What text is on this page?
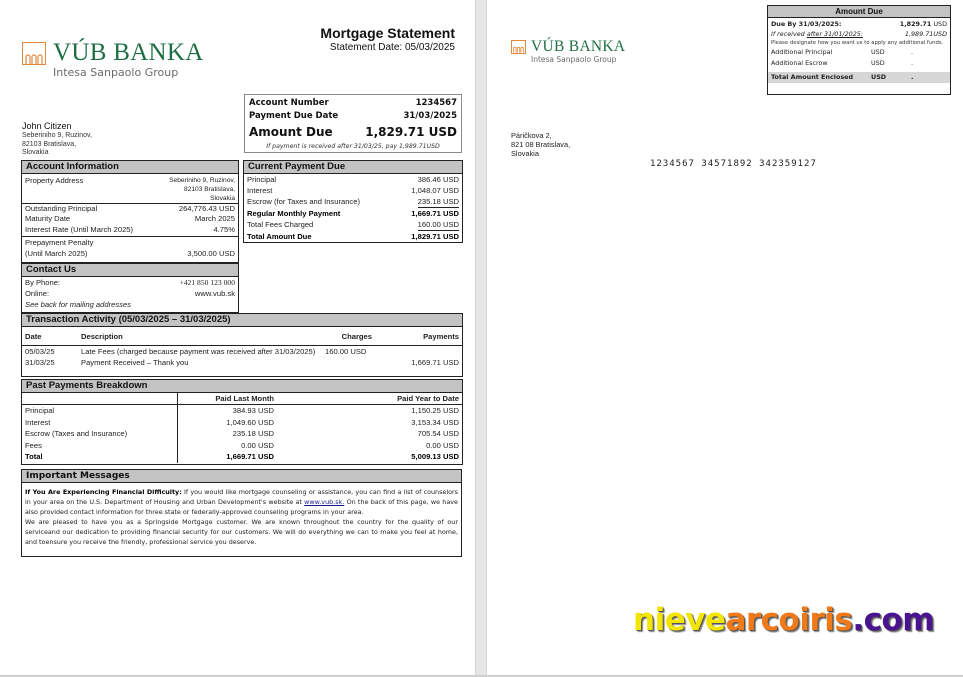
VÚB BANKA
Intesa Sanpaolo Group
Mortgage Statement
Statement Date: 05/03/2025
Account Number	1234567
Payment Due Date	31/03/2025
Amount Due	1,829.71 USD
If payment is received after 31/03/25, pay 1,989.71USD
John Citizen
Seberiniho 9, Ruzinov,
82103 Bratislava,
Slovakia
Account Information
Property Address	Seberiniho 9, Ruzinov,
82103 Bratislava,
Slovakia
Outstanding Principal	264,776.43 USD
Maturity Date	March 2025
Interest Rate (Until March 2025)	4.75%
Prepayment Penalty
(Until March 2025)	3,500.00 USD
Contact Us
By Phone:	+421 850 123 000
Online:	www.vub.sk
See back for mailing addresses
Current Payment Due
Principal	386.46 USD
Interest	1,048.07 USD
Escrow (for Taxes and Insurance)	235.18 USD
Regular Monthly Payment	1,669.71 USD
Total Fees Charged	160.00 USD
Total Amount Due	1,829.71 USD
Transaction Activity (05/03/2025 – 31/03/2025)
Date	Description	Charges	Payments
05/03/25	Late Fees (charged because payment was received after 31/03/2025)	160.00 USD	
31/03/25	Payment Received – Thank you		1,669.71 USD
Past Payments Breakdown
	Paid Last Month	Paid Year to Date
Principal	384.93 USD	1,150.25 USD
Interest	1,049.60 USD	3,153.34 USD
Escrow (Taxes and Insurance)	235.18 USD	705.54 USD
Fees	0.00 USD	0.00 USD
Total	1,669.71 USD	5,009.13 USD
Important Messages
If You Are Experiencing Financial Difficulty: If you would like mortgage counseling or assistance, you can find a list of counselors in your area on the U.S. Department of Housing and Urban Development's website at www.vub.sk. On the back of this page, we have also provided contact information for three state or federally-approved counseling programs in your area.
We are pleased to have you as a Springside Mortgage customer. We are known throughout the country for the quality of our serviceand our dedication to providing financial security for our customers. We will do everything we can to make you feel at home, and toensure you receive the friendly, professional service you deserve.
VÚB BANKA
Intesa Sanpaolo Group
Amount Due
Due By 31/03/2025:	1,829.71 USD
If received after 31/01/2025:	1,989.71USD
Please designate how you want us to apply any additional funds.
Additional Principal	USD	.
Additional Escrow	USD	.
Total Amount Enclosed	USD	.
Páričkova 2,
821 08 Bratislava,
Slovakia
1234567 34571892 342359127
nievearcoiris.com
